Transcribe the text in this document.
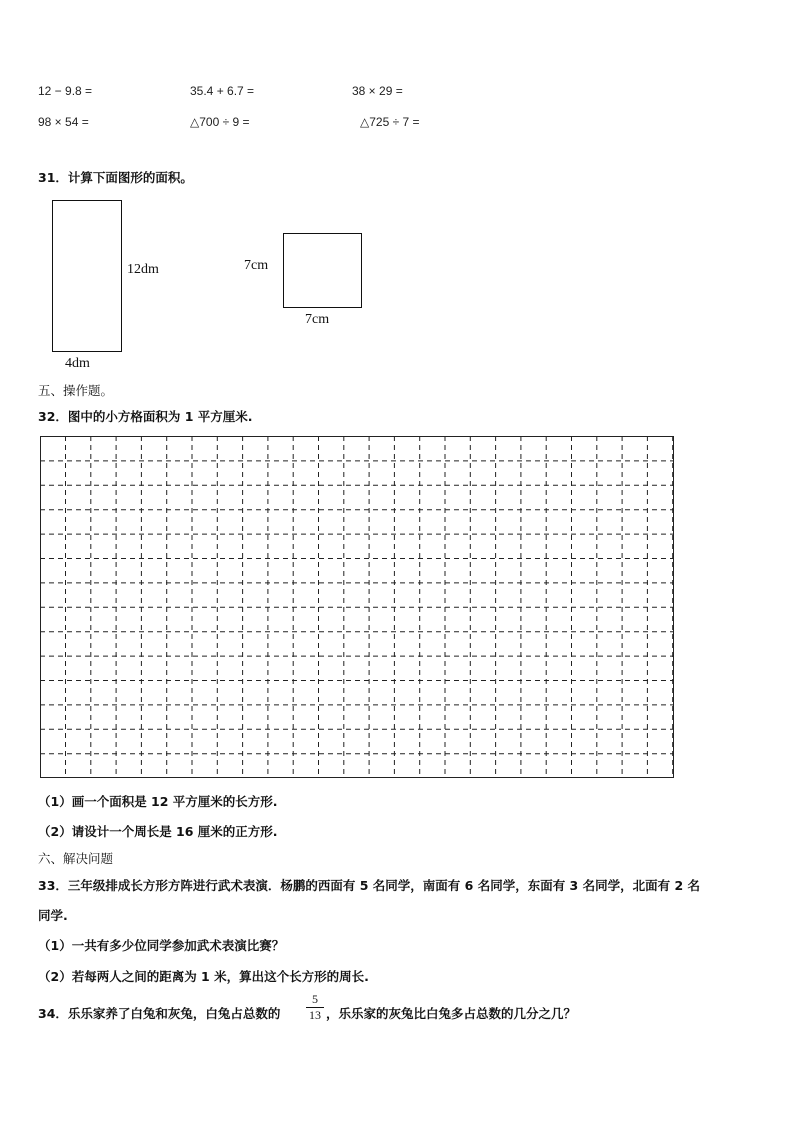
12 − 9.8 =	35.4 + 6.7 =	38 × 29 =
98 × 54 =	△700 ÷ 9 =	△725 ÷ 7 =
31．计算下面图形的面积。
12dm
4dm
7cm
7cm
五、操作题。
32．图中的小方格面积为 1 平方厘米.
（1）画一个面积是 12 平方厘米的长方形.
（2）请设计一个周长是 16 厘米的正方形.
六、解决问题
33．三年级排成长方形方阵进行武术表演．杨鹏的西面有 5 名同学，南面有 6 名同学，东面有 3 名同学，北面有 2 名
同学.
（1）一共有多少位同学参加武术表演比赛？
（2）若每两人之间的距离为 1 米，算出这个长方形的周长.
34．乐乐家养了白兔和灰兔，白兔占总数的
5
13 ，乐乐家的灰兔比白兔多占总数的几分之几？
